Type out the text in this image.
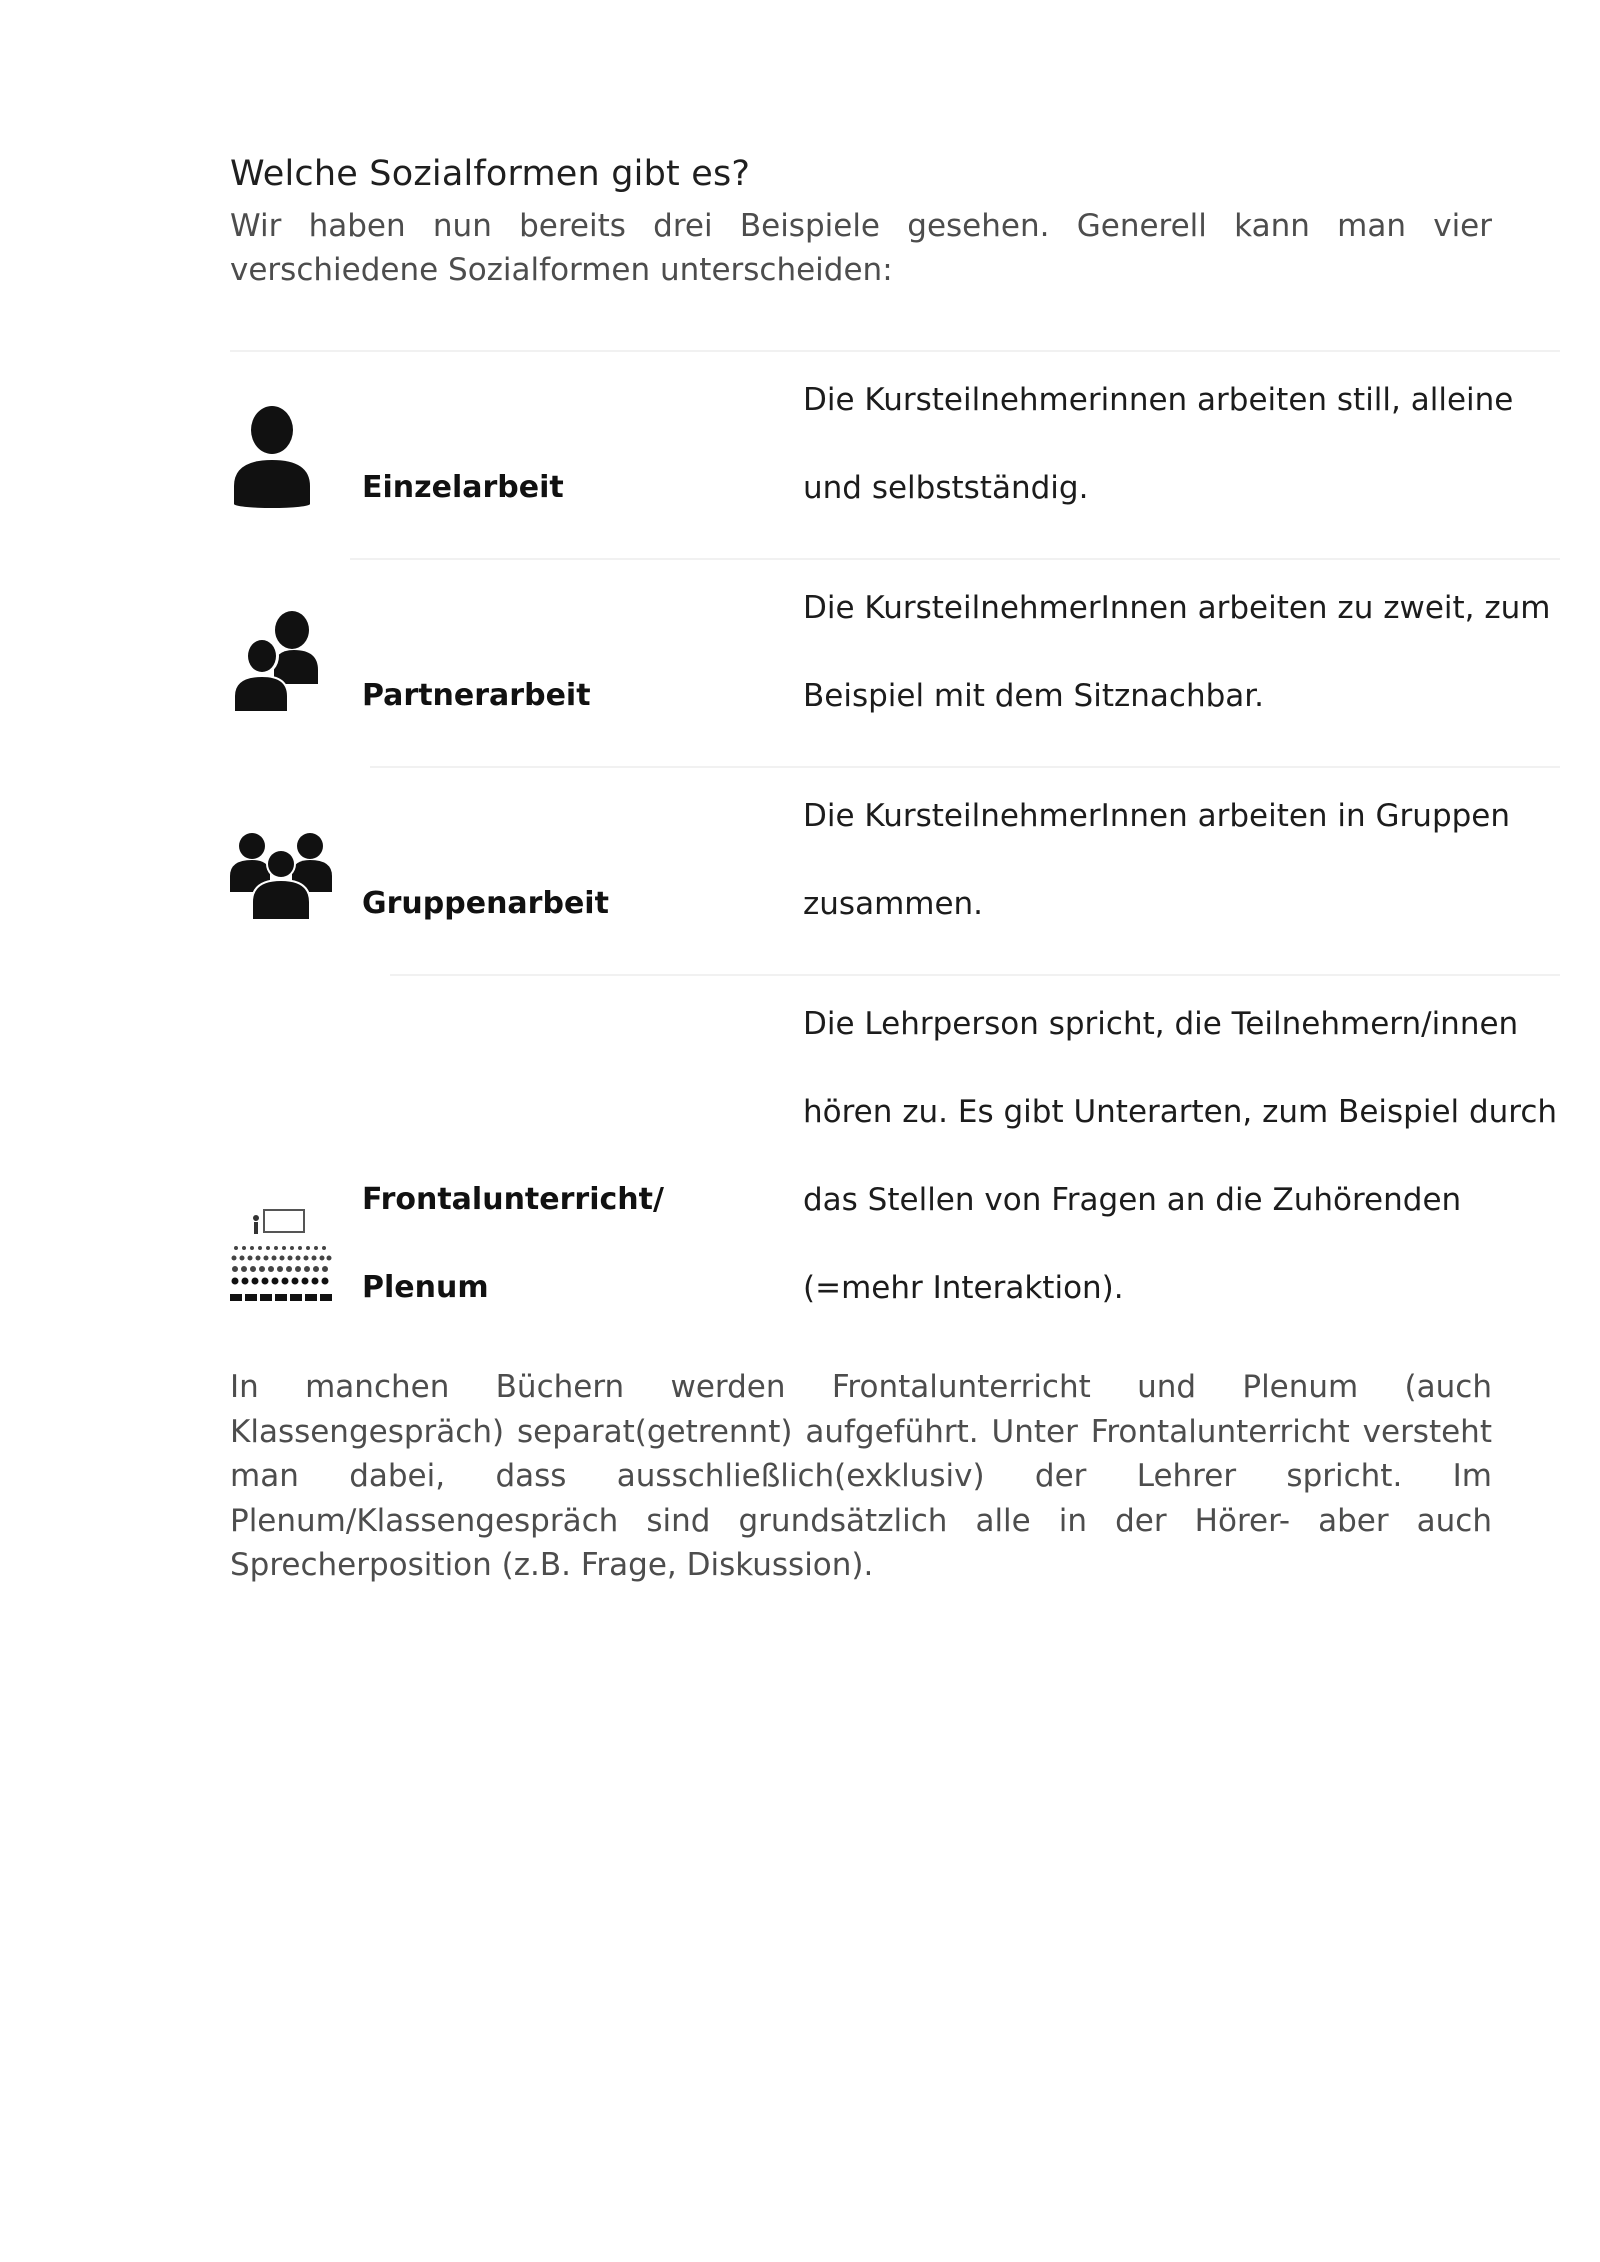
Welche Sozialformen gibt es?

Wir haben nun bereits drei Beispiele gesehen. Generell kann man vier verschiedene Sozialformen unterscheiden:

Einzelarbeit
Die Kursteilnehmerinnen arbeiten still, alleine
und selbstständig.
Partnerarbeit
Die KursteilnehmerInnen arbeiten zu zweit, zum
Beispiel mit dem Sitznachbar.
Gruppenarbeit
Die KursteilnehmerInnen arbeiten in Gruppen
zusammen.
Frontalunterricht/
Plenum
Die Lehrperson spricht, die Teilnehmern/innen
hören zu. Es gibt Unterarten, zum Beispiel durch
das Stellen von Fragen an die Zuhörenden
(=mehr Interaktion).

In manchen Büchern werden Frontalunterricht und Plenum (auch Klassengespräch) separat(getrennt) aufgeführt. Unter Frontalunterricht versteht man dabei, dass ausschließlich(exklusiv) der Lehrer spricht. Im Plenum/Klassengespräch sind grundsätzlich alle in der Hörer- aber auch Sprecherposition (z.B. Frage, Diskussion).
